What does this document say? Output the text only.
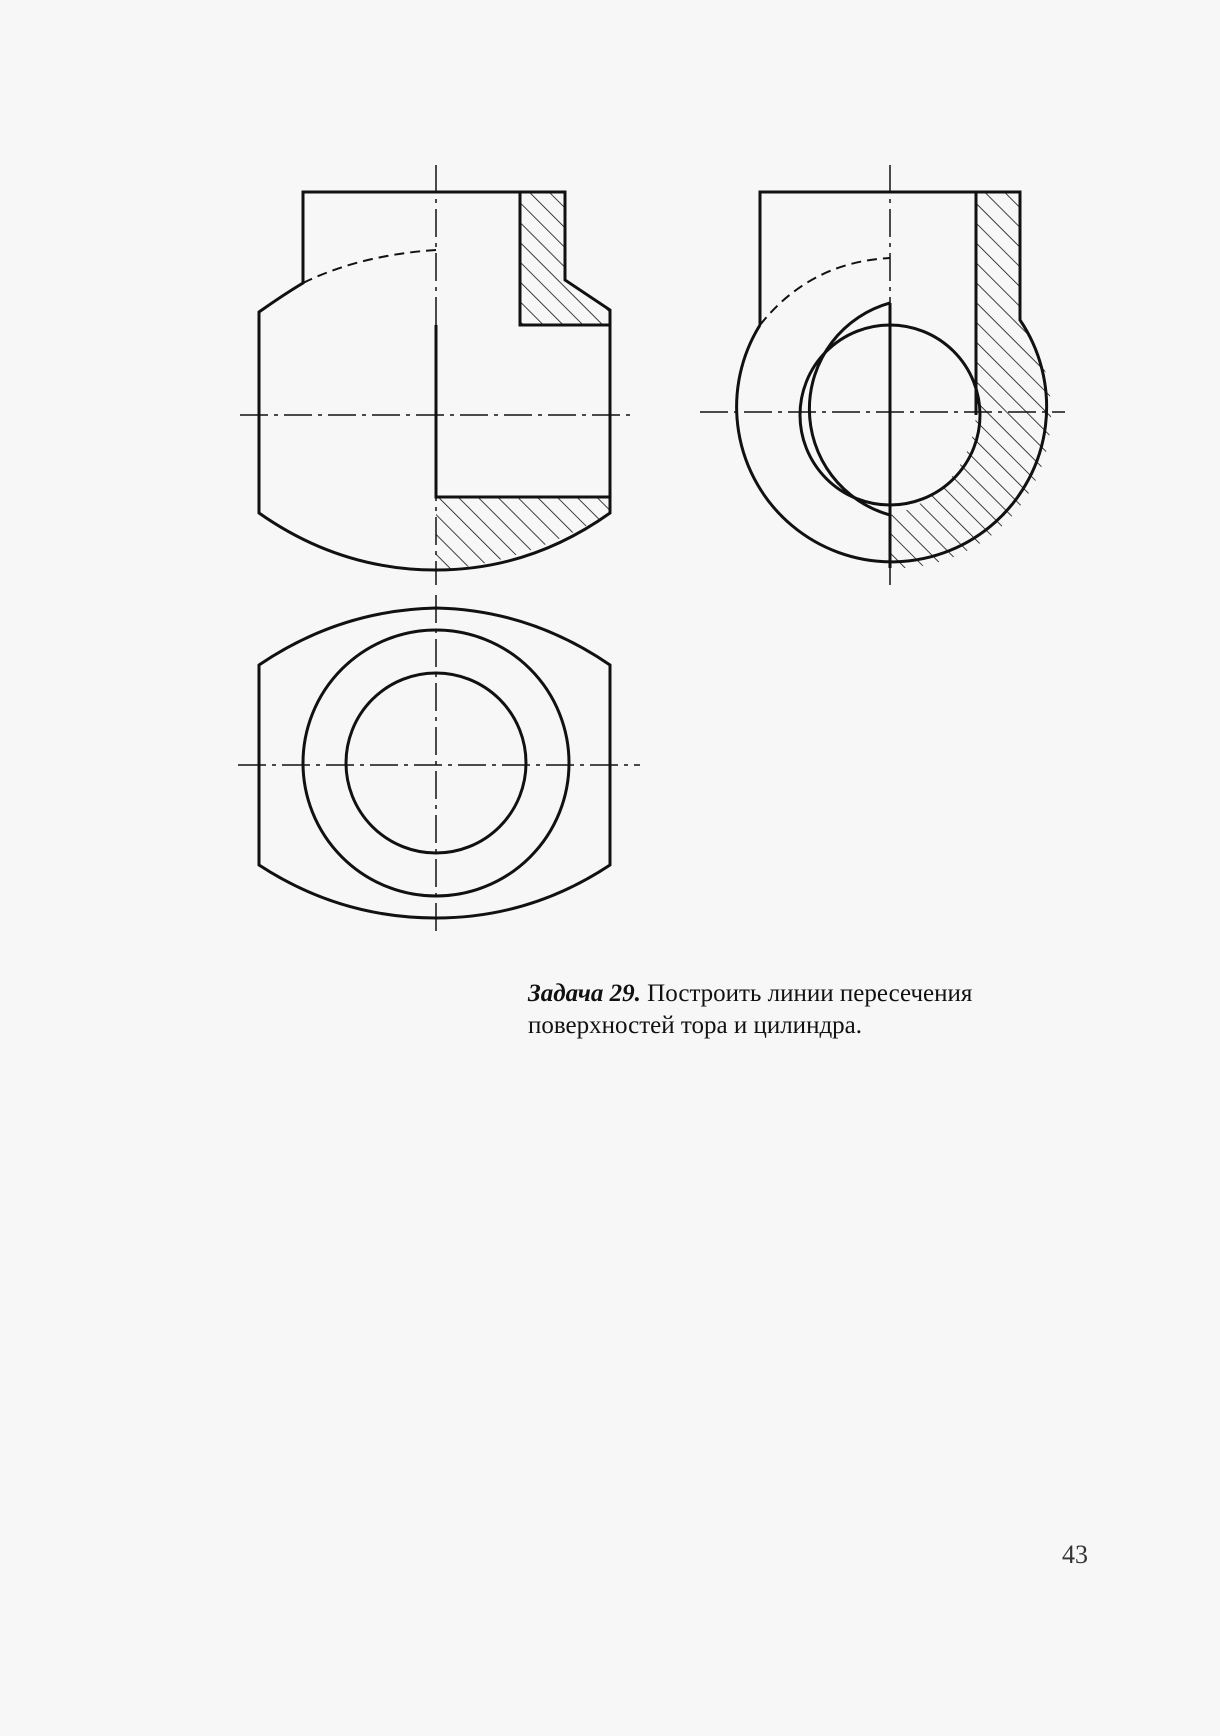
Задача 29. Построить линии пересечения
поверхностей тора и цилиндра.
43
